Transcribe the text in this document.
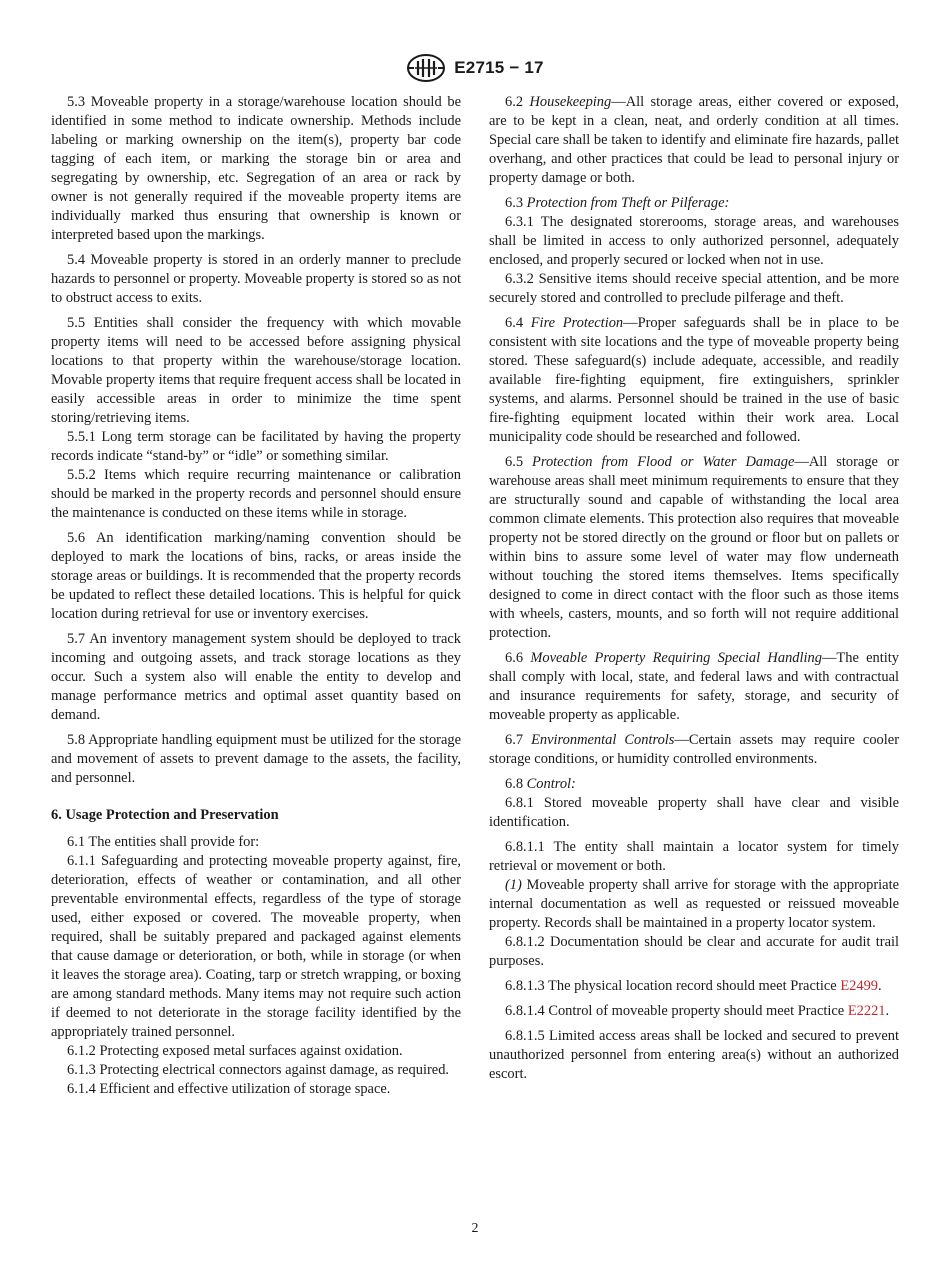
E2715 − 17

5.3 Moveable property in a storage/warehouse location should be identified in some method to indicate ownership. Methods include labeling or marking ownership on the item(s), property bar code tagging of each item, or marking the storage bin or area and segregating by ownership, etc. Segregation of an area or rack by owner is not generally required if the moveable property items are individually marked thus ensuring that ownership is known or interpreted based upon the markings.

5.4 Moveable property is stored in an orderly manner to preclude hazards to personnel or property. Moveable property is stored so as not to obstruct access to exits.

5.5 Entities shall consider the frequency with which movable property items will need to be accessed before assigning physical locations to that property within the warehouse/storage location. Movable property items that require frequent access shall be located in easily accessible areas in order to minimize the time spent storing/retrieving items.

5.5.1 Long term storage can be facilitated by having the property records indicate “stand-by” or “idle” or something similar.

5.5.2 Items which require recurring maintenance or calibration should be marked in the property records and personnel should ensure the maintenance is conducted on these items while in storage.

5.6 An identification marking/naming convention should be deployed to mark the locations of bins, racks, or areas inside the storage areas or buildings. It is recommended that the property records be updated to reflect these detailed locations. This is helpful for quick location during retrieval for use or inventory exercises.

5.7 An inventory management system should be deployed to track incoming and outgoing assets, and track storage locations as they occur. Such a system also will enable the entity to develop and manage performance metrics and optimal asset quantity based on demand.

5.8 Appropriate handling equipment must be utilized for the storage and movement of assets to prevent damage to the assets, the facility, and personnel.

6. Usage Protection and Preservation

6.1 The entities shall provide for:

6.1.1 Safeguarding and protecting moveable property against, fire, deterioration, effects of weather or contamination, and all other preventable environmental effects, regardless of the type of storage used, either exposed or covered. The moveable property, when required, shall be suitably prepared and packaged against elements that cause damage or deterioration, or both, while in storage (or when it leaves the storage area). Coating, tarp or stretch wrapping, or boxing are among standard methods. Many items may not require such action if deemed to not deteriorate in the storage facility identified by the appropriately trained personnel.

6.1.2 Protecting exposed metal surfaces against oxidation.

6.1.3 Protecting electrical connectors against damage, as required.

6.1.4 Efficient and effective utilization of storage space.

6.2 Housekeeping—All storage areas, either covered or exposed, are to be kept in a clean, neat, and orderly condition at all times. Special care shall be taken to identify and eliminate fire hazards, pallet overhang, and other practices that could be lead to personal injury or property damage or both.

6.3 Protection from Theft or Pilferage:

6.3.1 The designated storerooms, storage areas, and warehouses shall be limited in access to only authorized personnel, adequately enclosed, and properly secured or locked when not in use.

6.3.2 Sensitive items should receive special attention, and be more securely stored and controlled to preclude pilferage and theft.

6.4 Fire Protection—Proper safeguards shall be in place to be consistent with site locations and the type of moveable property being stored. These safeguard(s) include adequate, accessible, and readily available fire-fighting equipment, fire extinguishers, sprinkler systems, and alarms. Personnel should be trained in the use of basic fire-fighting equipment located within their work area. Local municipality code should be researched and followed.

6.5 Protection from Flood or Water Damage—All storage or warehouse areas shall meet minimum requirements to ensure that they are structurally sound and capable of withstanding the local area common climate elements. This protection also requires that moveable property not be stored directly on the ground or floor but on pallets or within bins to assure some level of water may flow underneath without touching the stored items themselves. Items specifically designed to come in direct contact with the floor such as those items with wheels, casters, mounts, and so forth will not require additional protection.

6.6 Moveable Property Requiring Special Handling—The entity shall comply with local, state, and federal laws and with contractual and insurance requirements for safety, storage, and security of moveable property as applicable.

6.7 Environmental Controls—Certain assets may require cooler storage conditions, or humidity controlled environments.

6.8 Control:

6.8.1 Stored moveable property shall have clear and visible identification.

6.8.1.1 The entity shall maintain a locator system for timely retrieval or movement or both.

(1) Moveable property shall arrive for storage with the appropriate internal documentation as well as requested or reissued moveable property. Records shall be maintained in a property locator system.

6.8.1.2 Documentation should be clear and accurate for audit trail purposes.

6.8.1.3 The physical location record should meet Practice E2499.

6.8.1.4 Control of moveable property should meet Practice E2221.

6.8.1.5 Limited access areas shall be locked and secured to prevent unauthorized personnel from entering area(s) without an authorized escort.

2
